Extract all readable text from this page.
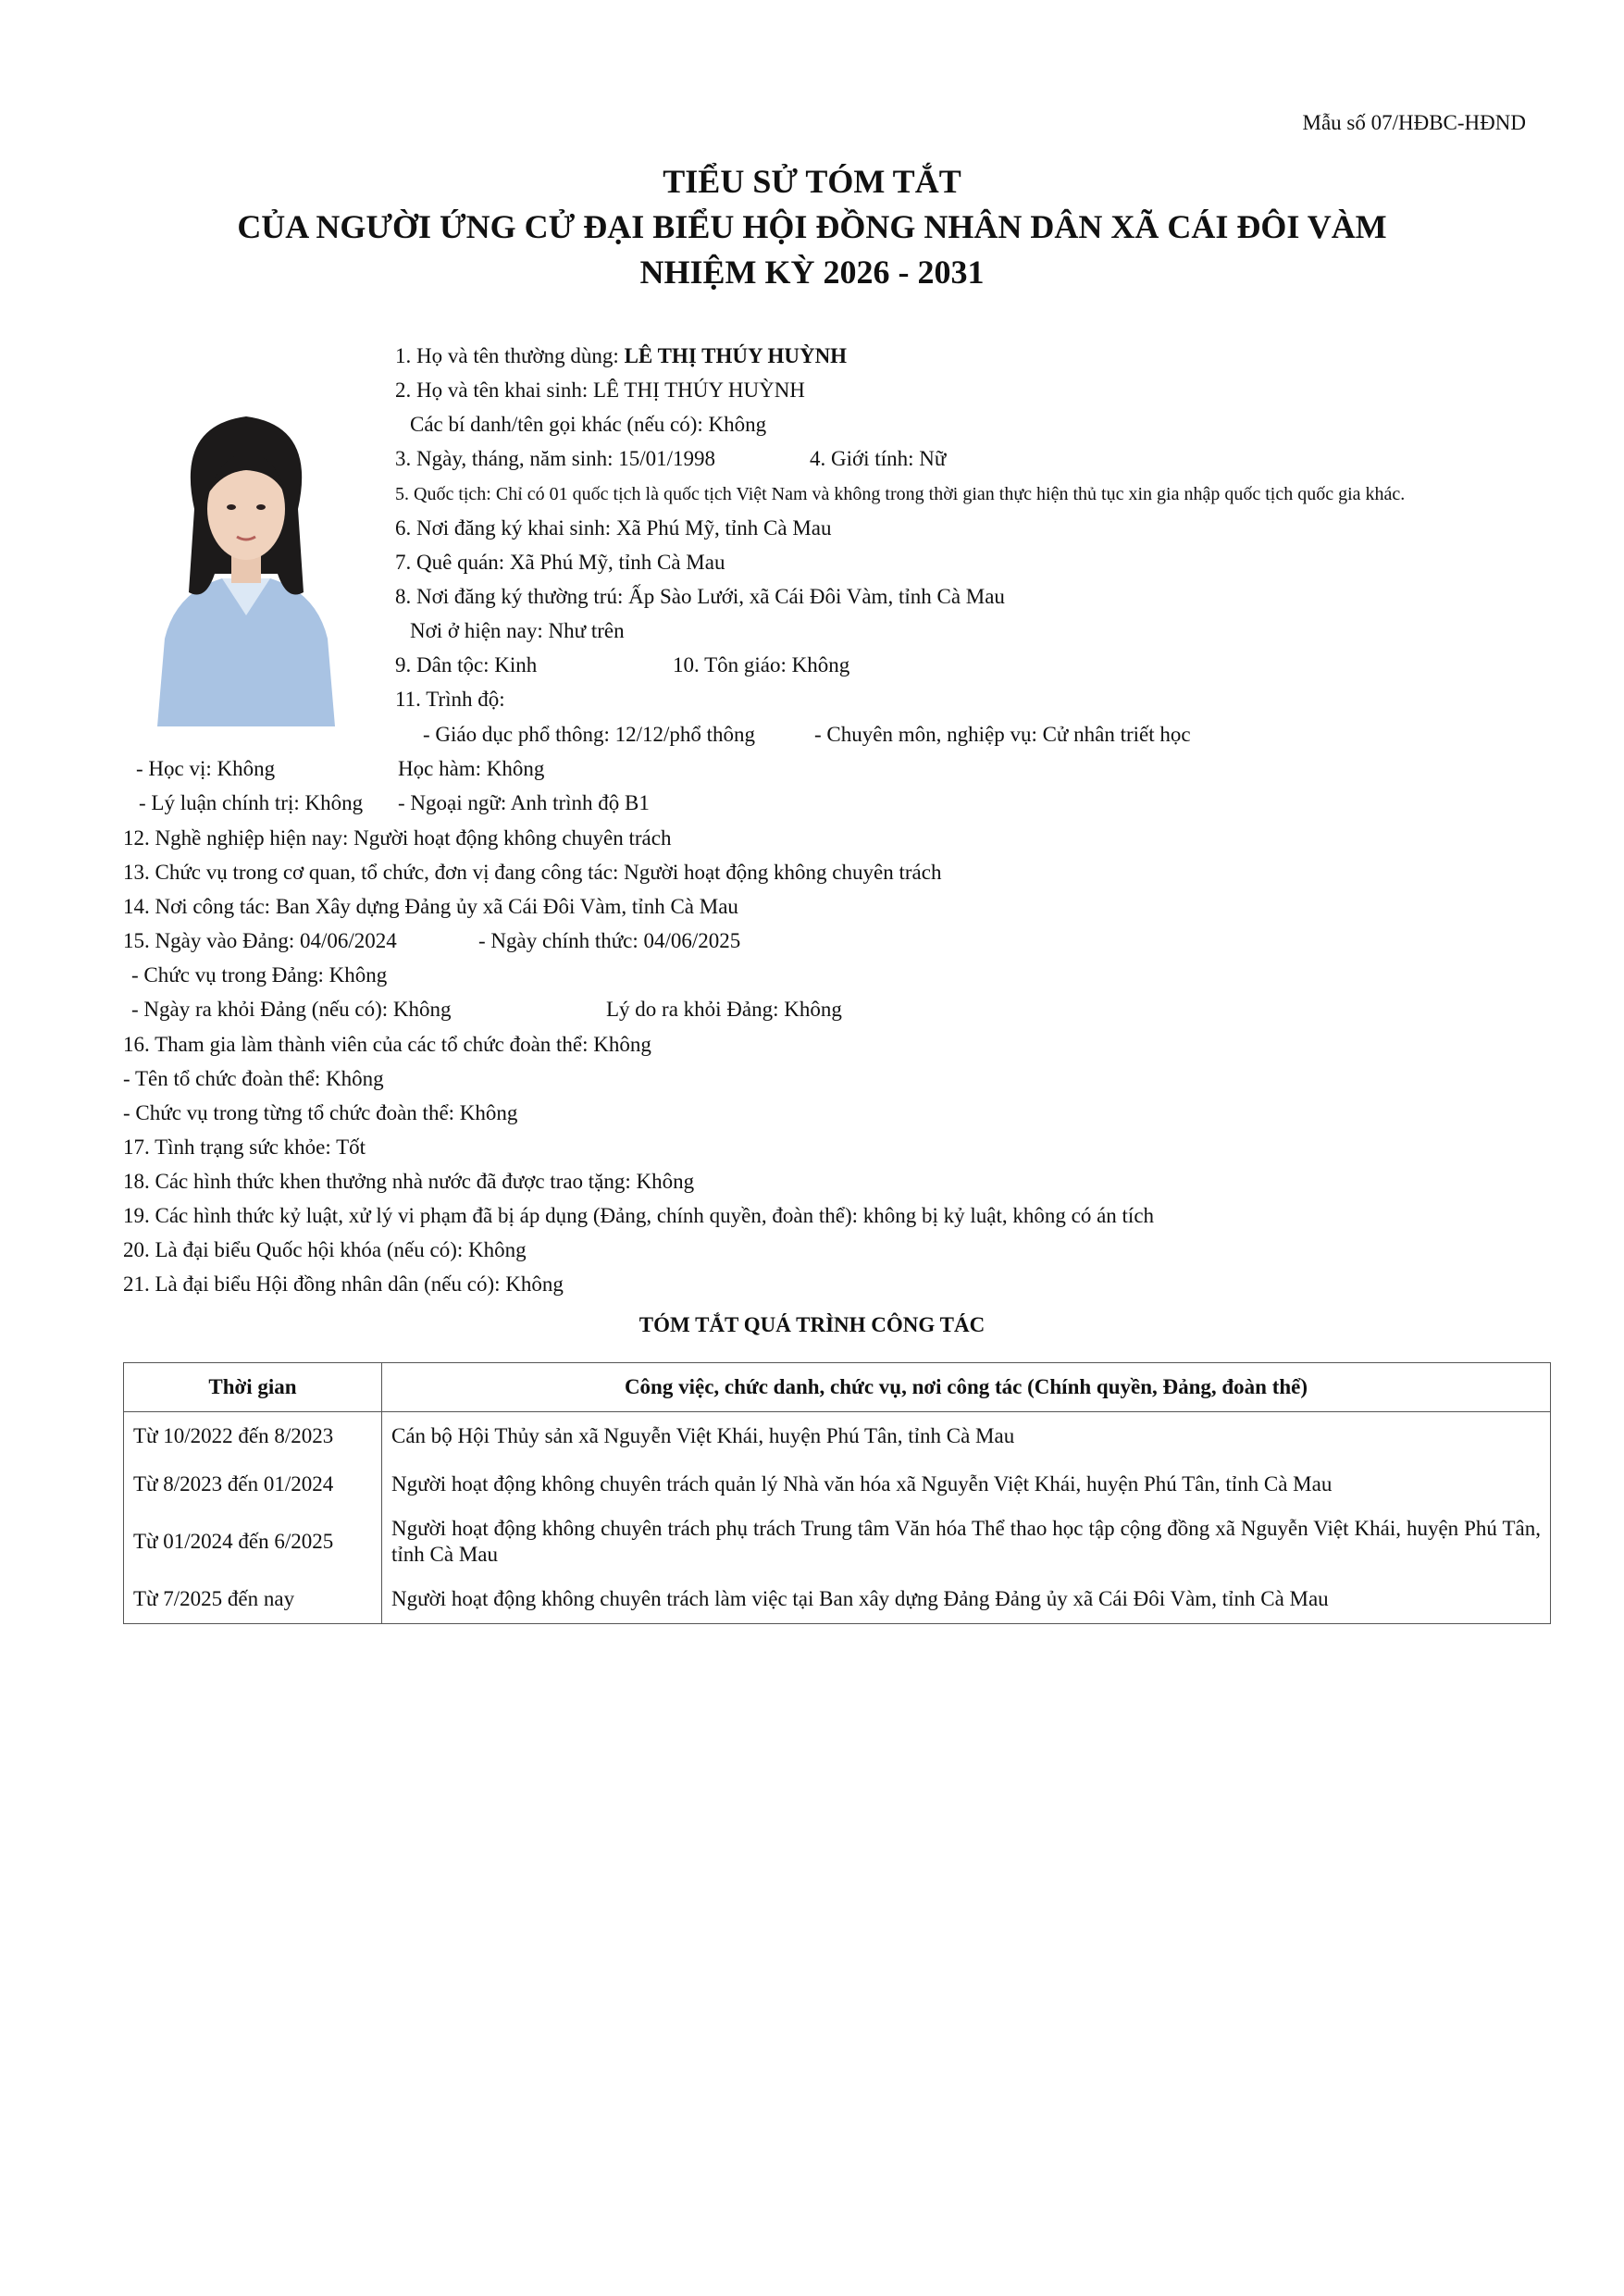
Mẫu số 07/HĐBC-HĐND
TIỂU SỬ TÓM TẮT
CỦA NGƯỜI ỨNG CỬ ĐẠI BIỂU HỘI ĐỒNG NHÂN DÂN XÃ CÁI ĐÔI VÀM
NHIỆM KỲ 2026 - 2031
1. Họ và tên thường dùng: LÊ THỊ THÚY HUỲNH
2. Họ và tên khai sinh: LÊ THỊ THÚY HUỲNH
Các bí danh/tên gọi khác (nếu có): Không
3. Ngày, tháng, năm sinh: 15/01/1998	4. Giới tính: Nữ
5. Quốc tịch: Chỉ có 01 quốc tịch là quốc tịch Việt Nam và không trong thời gian thực hiện thủ tục xin gia nhập quốc tịch quốc gia khác.
6. Nơi đăng ký khai sinh: Xã Phú Mỹ, tỉnh Cà Mau
7. Quê quán: Xã Phú Mỹ, tỉnh Cà Mau
8. Nơi đăng ký thường trú: Ấp Sào Lưới, xã Cái Đôi Vàm, tỉnh Cà Mau
Nơi ở hiện nay: Như trên
9. Dân tộc: Kinh	10. Tôn giáo: Không
11. Trình độ:
- Giáo dục phổ thông: 12/12/phổ thông	- Chuyên môn, nghiệp vụ: Cử nhân triết học
- Học vị: Không	Học hàm: Không
- Lý luận chính trị: Không - Ngoại ngữ: Anh trình độ B1
12. Nghề nghiệp hiện nay: Người hoạt động không chuyên trách
13. Chức vụ trong cơ quan, tổ chức, đơn vị đang công tác: Người hoạt động không chuyên trách
14. Nơi công tác: Ban Xây dựng Đảng ủy xã Cái Đôi Vàm, tỉnh Cà Mau
15. Ngày vào Đảng: 04/06/2024	- Ngày chính thức: 04/06/2025
- Chức vụ trong Đảng: Không
- Ngày ra khỏi Đảng (nếu có): Không	Lý do ra khỏi Đảng: Không
16. Tham gia làm thành viên của các tổ chức đoàn thể: Không
- Tên tổ chức đoàn thể: Không
- Chức vụ trong từng tổ chức đoàn thể: Không
17. Tình trạng sức khỏe: Tốt
18. Các hình thức khen thưởng nhà nước đã được trao tặng: Không
19. Các hình thức kỷ luật, xử lý vi phạm đã bị áp dụng (Đảng, chính quyền, đoàn thể): không bị kỷ luật, không có án tích
20. Là đại biểu Quốc hội khóa (nếu có): Không
21. Là đại biểu Hội đồng nhân dân (nếu có): Không
TÓM TẮT QUÁ TRÌNH CÔNG TÁC
Thời gian	Công việc, chức danh, chức vụ, nơi công tác (Chính quyền, Đảng, đoàn thể)
Từ 10/2022 đến 8/2023	Cán bộ Hội Thủy sản xã Nguyễn Việt Khái, huyện Phú Tân, tỉnh Cà Mau
Từ 8/2023 đến 01/2024	Người hoạt động không chuyên trách quản lý Nhà văn hóa xã Nguyễn Việt Khái, huyện Phú Tân, tỉnh Cà Mau
Từ 01/2024 đến 6/2025	Người hoạt động không chuyên trách phụ trách Trung tâm Văn hóa Thể thao học tập cộng đồng xã Nguyễn Việt Khái, huyện Phú Tân, tỉnh Cà Mau
Từ 7/2025 đến nay	Người hoạt động không chuyên trách làm việc tại Ban xây dựng Đảng Đảng ủy xã Cái Đôi Vàm, tỉnh Cà Mau
